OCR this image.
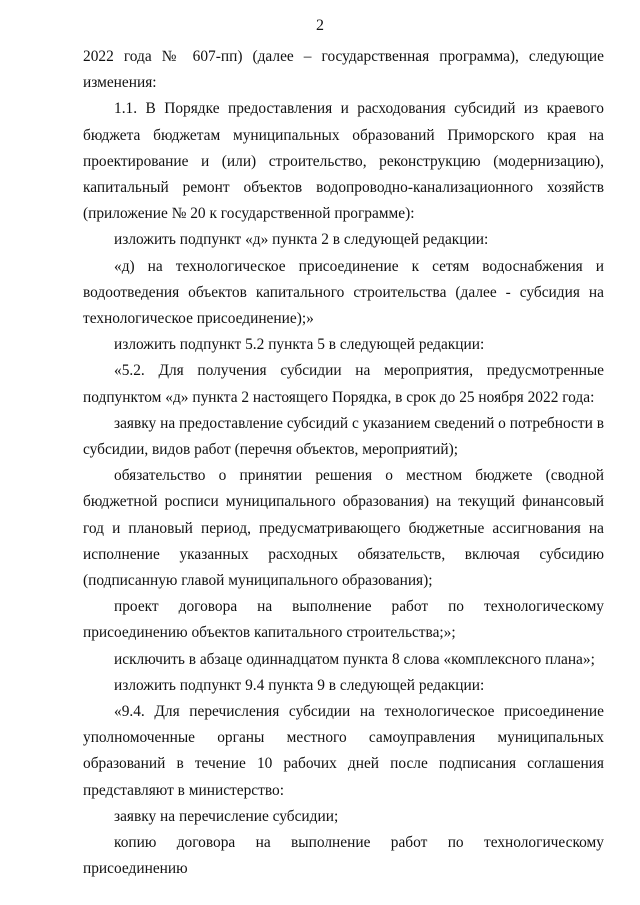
2

2022 года № 607-пп) (далее – государственная программа), следующие изменения:

1.1. В Порядке предоставления и расходования субсидий из краевого бюджета бюджетам муниципальных образований Приморского края на проектирование и (или) строительство, реконструкцию (модернизацию), капитальный ремонт объектов водопроводно-канализационного хозяйств (приложение № 20 к государственной программе):

изложить подпункт «д» пункта 2 в следующей редакции:

«д) на технологическое присоединение к сетям водоснабжения и водоотведения объектов капитального строительства (далее - субсидия на технологическое присоединение);»

изложить подпункт 5.2 пункта 5 в следующей редакции:

«5.2. Для получения субсидии на мероприятия, предусмотренные подпунктом «д» пункта 2 настоящего Порядка, в срок до 25 ноября 2022 года:

заявку на предоставление субсидий с указанием сведений о потребности в субсидии, видов работ (перечня объектов, мероприятий);

обязательство о принятии решения о местном бюджете (сводной бюджетной росписи муниципального образования) на текущий финансовый год и плановый период, предусматривающего бюджетные ассигнования на исполнение указанных расходных обязательств, включая субсидию (подписанную главой муниципального образования);

проект договора на выполнение работ по технологическому присоединению объектов капитального строительства;»;

исключить в абзаце одиннадцатом пункта 8 слова «комплексного плана»;

изложить подпункт 9.4 пункта 9 в следующей редакции:

«9.4. Для перечисления субсидии на технологическое присоединение уполномоченные органы местного самоуправления муниципальных образований в течение 10 рабочих дней после подписания соглашения представляют в министерство:

заявку на перечисление субсидии;

копию договора на выполнение работ по технологическому присоединению
